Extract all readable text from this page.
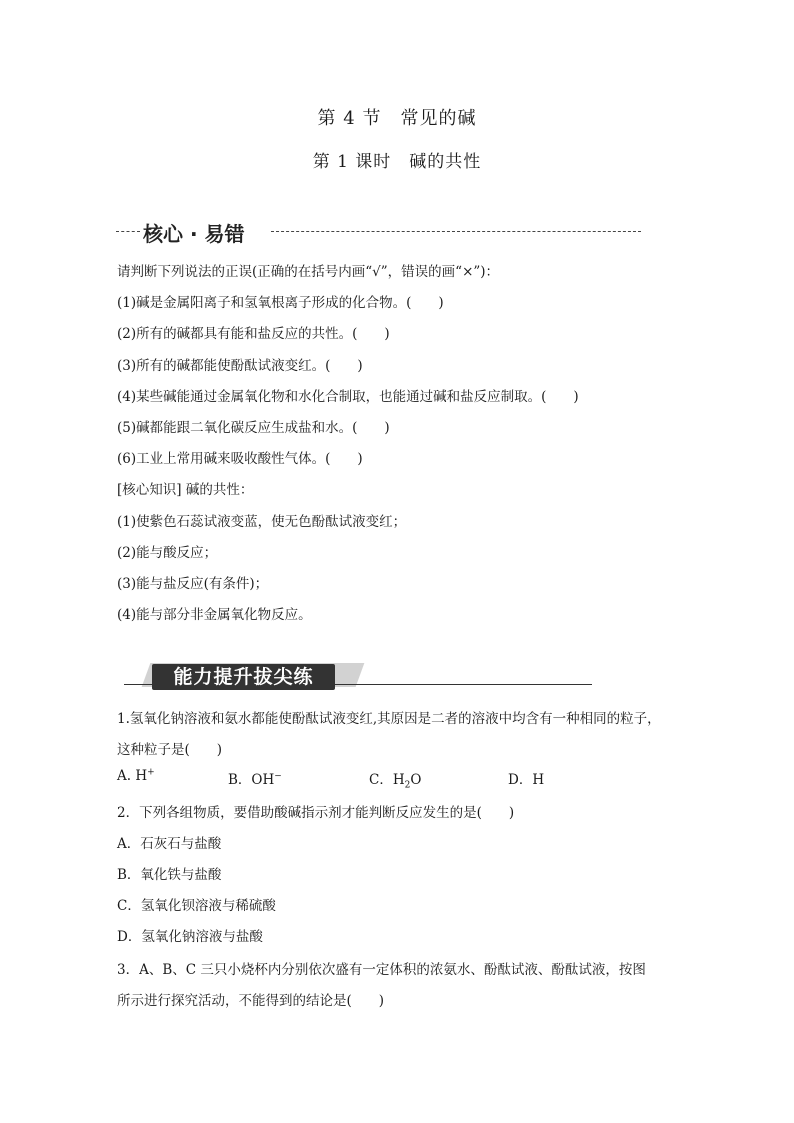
第 4 节　常见的碱
第 1 课时　碱的共性
核心 · 易错
请判断下列说法的正误(正确的在括号内画“√”，错误的画“×”)：
(1)碱是金属阳离子和氢氧根离子形成的化合物。(　　)
(2)所有的碱都具有能和盐反应的共性。(　　)
(3)所有的碱都能使酚酞试液变红。(　　)
(4)某些碱能通过金属氧化物和水化合制取，也能通过碱和盐反应制取。(　　)
(5)碱都能跟二氧化碳反应生成盐和水。(　　)
(6)工业上常用碱来吸收酸性气体。(　　)
[核心知识] 碱的共性：
(1)使紫色石蕊试液变蓝，使无色酚酞试液变红；
(2)能与酸反应；
(3)能与盐反应(有条件)；
(4)能与部分非金属氧化物反应。
能力提升拔尖练
1.氢氧化钠溶液和氨水都能使酚酞试液变红,其原因是二者的溶液中均含有一种相同的粒子，
这种粒子是(　　)
A. H+	B．OH−	C．$H_2O$	D．H
2．下列各组物质，要借助酸碱指示剂才能判断反应发生的是(　　)
A．石灰石与盐酸
B．氧化铁与盐酸
C．氢氧化钡溶液与稀硫酸
D．氢氧化钠溶液与盐酸
3．A、B、C 三只小烧杯内分别依次盛有一定体积的浓氨水、酚酞试液、酚酞试液，按图
所示进行探究活动，不能得到的结论是(　　)
